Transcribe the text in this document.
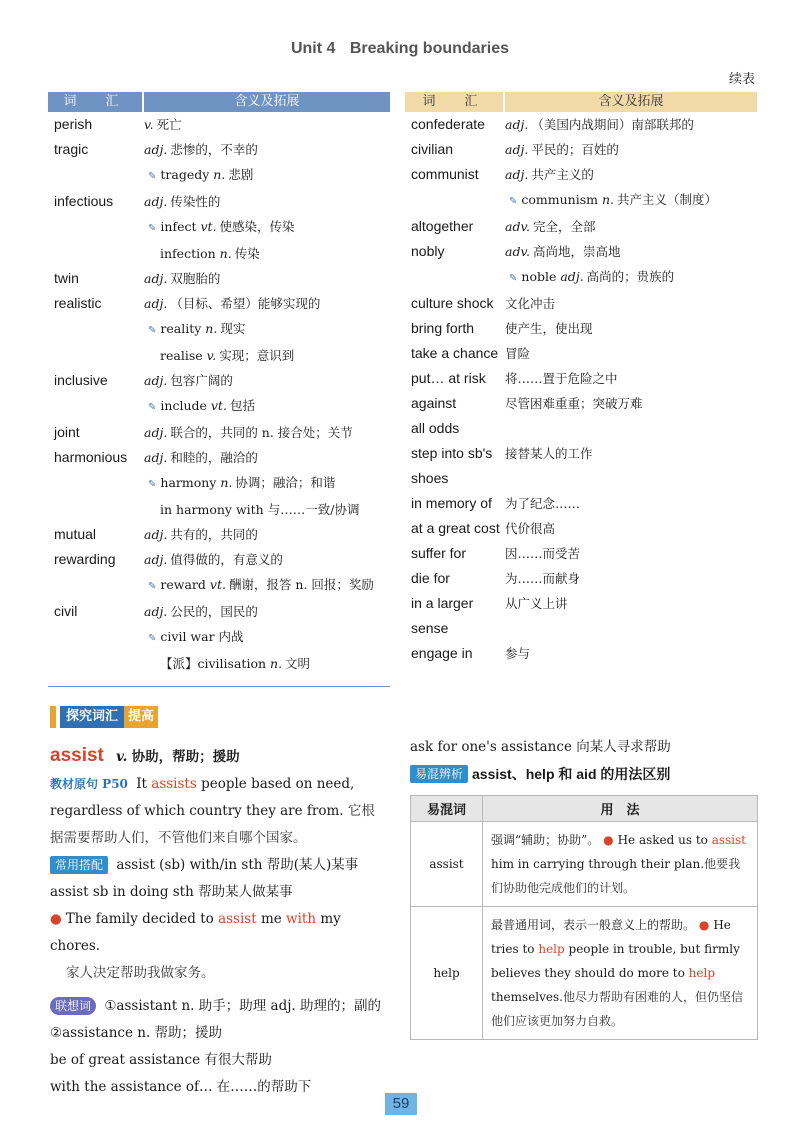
Unit 4 Breaking boundaries
续表
词　汇	含义及拓展
perish	v. 死亡
tragic	adj. 悲惨的，不幸的
✎ tragedy n. 悲剧
infectious	adj. 传染性的
✎ infect vt. 使感染，传染
infection n. 传染
twin	adj. 双胞胎的
realistic	adj. （目标、希望）能够实现的
✎ reality n. 现实
realise v. 实现；意识到
inclusive	adj. 包容广阔的
✎ include vt. 包括
joint	adj. 联合的，共同的 n. 接合处；关节
harmonious	adj. 和睦的，融洽的
✎ harmony n. 协调；融洽；和谐
in harmony with 与……一致/协调
mutual	adj. 共有的，共同的
rewarding	adj. 值得做的，有意义的
✎ reward vt. 酬谢，报答 n. 回报；奖励
civil	adj. 公民的，国民的
✎ civil war 内战
【派】civilisation n. 文明
词　汇	含义及拓展
confederate	adj. （美国内战期间）南部联邦的
civilian	adj. 平民的；百姓的
communist	adj. 共产主义的
✎ communism n. 共产主义（制度）
altogether	adv. 完全，全部
nobly	adv. 高尚地，崇高地
✎ noble adj. 高尚的；贵族的
culture shock 文化冲击
bring forth	使产生，使出现
take a chance 冒险
put… at risk	将……置于危险之中
against	尽管困难重重；突破万难
all odds
step into sb's	接替某人的工作
shoes
in memory of	为了纪念……
at a great cost 代价很高
suffer for	因……而受苦
die for	为……而献身
in a larger	从广义上讲
sense
engage in	参与
探究词汇 提高
assist v. 协助，帮助；援助
教材原句 P50 It assists people based on need, regardless of which country they are from. 它根据需要帮助人们，不管他们来自哪个国家。
常用搭配 assist (sb) with/in sth 帮助(某人)某事
assist sb in doing sth 帮助某人做某事
● The family decided to assist me with my chores.
家人决定帮助我做家务。
联想词 ①assistant n. 助手；助理 adj. 助理的；副的
②assistance n. 帮助；援助
be of great assistance 有很大帮助
with the assistance of… 在……的帮助下
ask for one's assistance 向某人寻求帮助
易混辨析 assist、help 和 aid 的用法区别
易混词	用　法
assist	强调“辅助；协助”。 ● He asked us to assist him in carrying through their plan.他要我们协助他完成他们的计划。
help	最普通用词，表示一般意义上的帮助。 ● He tries to help people in trouble, but firmly believes they should do more to help themselves.他尽力帮助有困难的人，但仍坚信他们应该更加努力自救。
59
